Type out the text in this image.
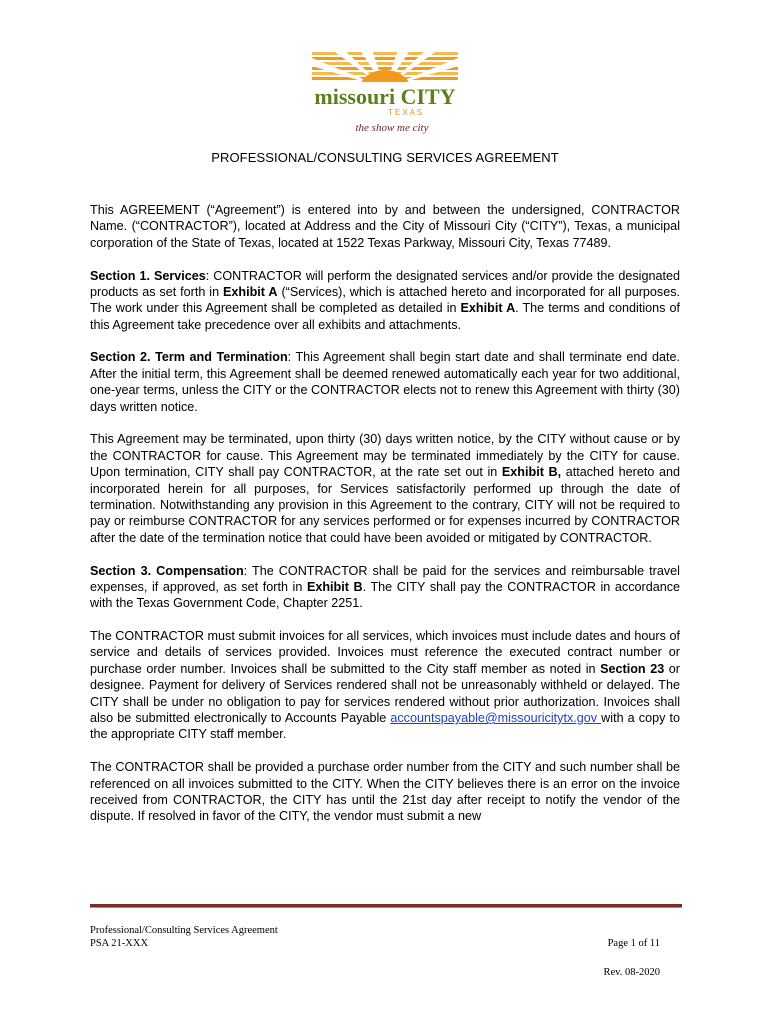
missouri CITY
T E X A S
the show me city
PROFESSIONAL/CONSULTING SERVICES AGREEMENT

This AGREEMENT (“Agreement”) is entered into by and between the undersigned, CONTRACTOR Name. (“CONTRACTOR”), located at Address and the City of Missouri City (“CITY”), Texas, a municipal corporation of the State of Texas, located at 1522 Texas Parkway, Missouri City, Texas 77489.

Section 1. Services: CONTRACTOR will perform the designated services and/or provide the designated products as set forth in Exhibit A (“Services), which is attached hereto and incorporated for all purposes. The work under this Agreement shall be completed as detailed in Exhibit A. The terms and conditions of this Agreement take precedence over all exhibits and attachments.

Section 2. Term and Termination: This Agreement shall begin start date and shall terminate end date. After the initial term, this Agreement shall be deemed renewed automatically each year for two additional, one-year terms, unless the CITY or the CONTRACTOR elects not to renew this Agreement with thirty (30) days written notice.

This Agreement may be terminated, upon thirty (30) days written notice, by the CITY without cause or by the CONTRACTOR for cause. This Agreement may be terminated immediately by the CITY for cause. Upon termination, CITY shall pay CONTRACTOR, at the rate set out in Exhibit B, attached hereto and incorporated herein for all purposes, for Services satisfactorily performed up through the date of termination. Notwithstanding any provision in this Agreement to the contrary, CITY will not be required to pay or reimburse CONTRACTOR for any services performed or for expenses incurred by CONTRACTOR after the date of the termination notice that could have been avoided or mitigated by CONTRACTOR.

Section 3. Compensation: The CONTRACTOR shall be paid for the services and reimbursable travel expenses, if approved, as set forth in Exhibit B. The CITY shall pay the CONTRACTOR in accordance with the Texas Government Code, Chapter 2251.

The CONTRACTOR must submit invoices for all services, which invoices must include dates and hours of service and details of services provided. Invoices must reference the executed contract number or purchase order number. Invoices shall be submitted to the City staff member as noted in Section 23 or designee. Payment for delivery of Services rendered shall not be unreasonably withheld or delayed. The CITY shall be under no obligation to pay for services rendered without prior authorization. Invoices shall also be submitted electronically to Accounts Payable accountspayable@missouricitytx.gov with a copy to the appropriate CITY staff member.

The CONTRACTOR shall be provided a purchase order number from the CITY and such number shall be referenced on all invoices submitted to the CITY. When the CITY believes there is an error on the invoice received from CONTRACTOR, the CITY has until the 21st day after receipt to notify the vendor of the dispute. If resolved in favor of the CITY, the vendor must submit a new

Professional/Consulting Services Agreement
PSA 21-XXX	Page 1 of 11
Rev. 08-2020
